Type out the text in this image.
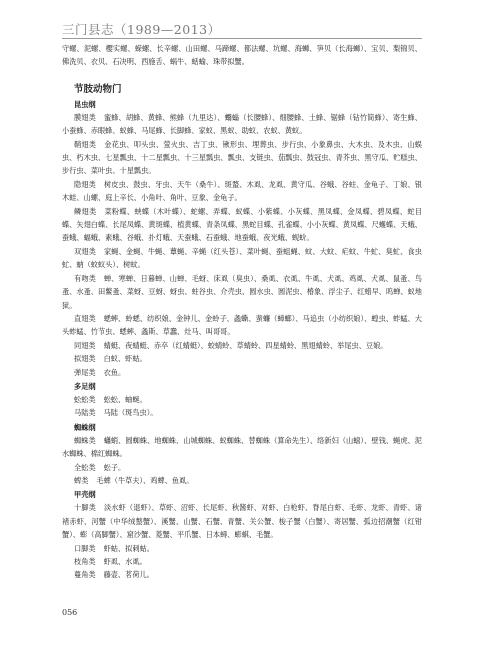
三门县志（1989—2013）

守螺、泥螺、樱实螺、蝾螺、长辛螺、山田螺、马蹄螺、都法螺、坑螺、海蛳、笋贝（长海蛳）、宝贝、梨锦贝、佛洗贝、衣贝、石决明、西施舌、蜗牛、蛞蝓、珠带拟蟹。

节肢动物门
昆虫纲

膜翅类 蜜蜂、胡蜂、黄蜂、熊蜂（九里达）、蠮螉（长腰蜂）、细腰蜂、土蜂、锯蜂（钻竹简蜂）、寄生蜂、小蚕蜂、赤眼蜂、蚁蜂、马尾蜂、长脚蜂、家蚁、黑蚁、助蚁、农蚁、黄蚁。

鞘翅类 金花虫、叩头虫、萤火虫、吉丁虫、锹形虫、埋葬虫、步行虫、小象鼻虫、大木虫、及木虫、山蜈虫、朽木虫、七星瓢虫、十二星瓢虫、十三星瓢虫、瓢虫、支链虫、茄瓢虫、鼓冠虫、青芥虫、黑守瓜、贮糕虫、步行虫、菜叶虫、十星瓢虫。

隐翅类 树皮虫、鼓虫、牙虫、天牛（桑牛）、斑蝥、木虱、龙虱、黄守瓜、谷蛾、谷蛀、金龟子、丁娘、银木蛙、山螺、庭上辛长、小角叶、角叶、豆象、金龟子。

鳞翅类 菜粉蝶、蛱蝶（木叶蝶）、蛇螺、弄蝶、蚁蝶、小紫蝶、小灰蝶、黑凤蝶、金凤蝶、碧凤蝶、蛇目蝶、矢翅白蝶、长尾凤蝶、黄斑蝶、植黄蝶、青条凤蝶、黑蛇目蝶、孔雀蝶、小小灰蝶、黄凤蝶、尺蠖蝶、天蛾、蚕蛾、蝠蛾、素蛾、谷蛾、扑灯蛾、天蚕蛾、石蚕蛾、地蚕蛾、夜光蛾、蚬蚧。

双翅类 家蝇、金蝇、牛蝇、蕈蝇、辛蝇（红头苍）、菜叶蝇、蚕蛆蝇、蚊、大蚊、疟蚊、牛虻、臭虻、食虫虻、蚋（蚊蚁头）、树蚊。

有吻类 蝉、寒蝉、日暮蝉、山蝉、毛蚜、床虱（臭虫）、桑虱、衣虱、牛虱、犬虱、鸡虱、犬虱、鼠蚤、鸟蚤、水蚤、田鳖蚤、菜蚜、豆蚜、蚜虫、蛀谷虫、介壳虫、圆水虫、圆泥虫、椿象、浮尘子、红蜡早、呜蝉、蚁地狱。

直翅类 蟋蟀、蛉蟋、纺织娘、金钟儿、金蛉子、螽蟖、蜚蠊（蟑螂）、马追虫（小纺织娘）、蝗虫、蚱蜢、大头蚱蜢、竹节虫、蟋蟀、螽斯、草蠢、灶马、叫哥哥。

同翅类 蜻蜓、夜蜻蜓、赤卒（红蜻蜓）、蛟蜻蛉、草蜻蛉、四星蜻蛉、黑翅蜻蛉、举尾虫、豆娘。

拟翅类 白蚁、虾蛄。

弹尾类 衣鱼。

多足纲

蚣蚣类 蚣蚣、蚰蜒。

马陆类 马陆（斑鸟虫）。

蜘蛛纲

蜘蛛类 蠨蛸、圆蜘蛛、地蜘蛛、山城蜘蛛、蚁蜘蛛、替蜘蛛（算命先生）、络新妇（山蟢）、壁钱、蝇虎、泥水蜘蛛、棉红蜘蛛。

全蚣类 蚣子。

蜱类 毛蜱（牛草夫）、鸡蜱、鱼虱。

甲壳纲

十脚类 淡水虾（退虾）、草虾、沼虾、长尾虾、秋酱虾、对虾、白枪虾、脊尾白虾、毛虾、龙虾、青虾、诸褚赤虾、河蟹（中华绒螯蟹）、溪蟹、山蟹、石蟹、青蟹、关公蟹、梭子蟹（白蟹）、寄居蟹、弧边招潮蟹（红钳蟹）、蟛（高脚蟹）、窟沙蟹、菱蟹、平爪蟹、日本蟳、蟛蜞、毛蟹。

口脚类 虾蛄、拟刺蛄。

枝角类 虾虱、水虱。

蔓角类 藤壶、茗荷儿。

056
